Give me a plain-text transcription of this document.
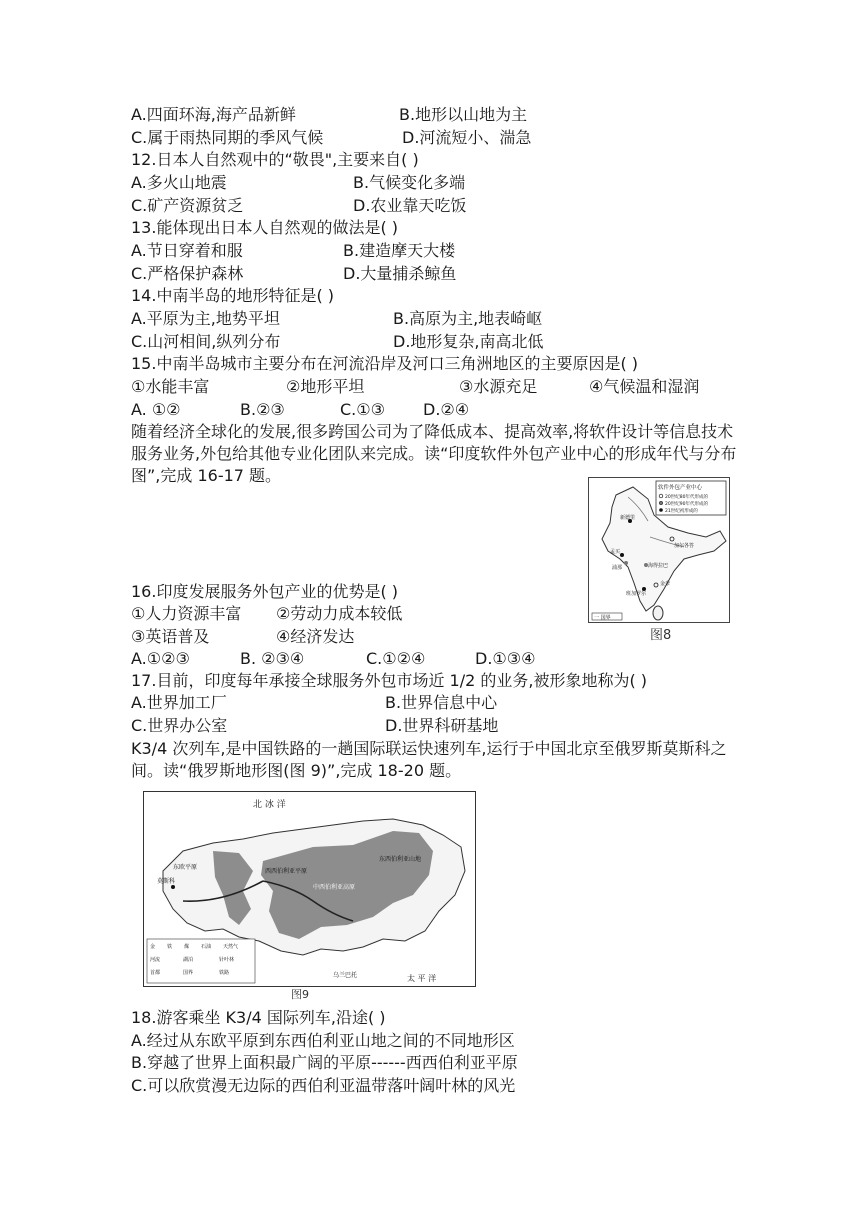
A.四面环海,海产品新鲜	B.地形以山地为主
C.属于雨热同期的季风气候	D.河流短小、湍急
12.日本人自然观中的“敬畏",主要来自( )
A.多火山地震	B.气候变化多端
C.矿产资源贫乏	D.农业靠天吃饭
13.能体现出日本人自然观的做法是( )
A.节日穿着和服	B.建造摩天大楼
C.严格保护森林	D.大量捕杀鲸鱼
14.中南半岛的地形特征是( )
A.平原为主,地势平坦	B.高原为主,地表崎岖
C.山河相间,纵列分布	D.地形复杂,南高北低
15.中南半岛城市主要分布在河流沿岸及河口三角洲地区的主要原因是( )
①水能丰富	②地形平坦	③水源充足	④气候温和湿润
A. ①②	B.②③	C.①③ D.②④
随着经济全球化的发展,很多跨国公司为了降低成本、提高效率,将软件设计等信息技术服务业务,外包给其他专业化团队来完成。读“印度软件外包产业中心的形成年代与分布图”,完成 16-17 题。
软件外包产业中心
20世纪80年代形成的
20世纪90年代形成的
21世纪初形成的
新德里
加尔各答
孟买
浦那	海得拉巴
金奈
班加罗尔
一 国界
图8
16.印度发展服务外包产业的优势是( )
①人力资源丰富 ②劳动力成本较低
③英语普及	④经济发达
A.①②③	B. ②③④	C.①②④	D.①③④
17.目前，印度每年承接全球服务外包市场近 1/2 的业务,被形象地称为( )
A.世界加工厂	B.世界信息中心
C.世界办公室	D.世界科研基地
K3/4 次列车,是中国铁路的一趟国际联运快速列车,运行于中国北京至俄罗斯莫斯科之间。读“俄罗斯地形图(图 9)”,完成 18-20 题。
北 冰 洋
太 平 洋
东欧平原
莫斯科
西西伯利亚平原
中西伯利亚高原
东西伯利亚山地
乌兰巴托
金 铁 煤 石油 天然气
河流	湖泊	针叶林
首都	国界	铁路
图9
18.游客乘坐 K3/4 国际列车,沿途( )
A.经过从东欧平原到东西伯利亚山地之间的不同地形区
B.穿越了世界上面积最广阔的平原------西西伯利亚平原
C.可以欣赏漫无边际的西伯利亚温带落叶阔叶林的风光
